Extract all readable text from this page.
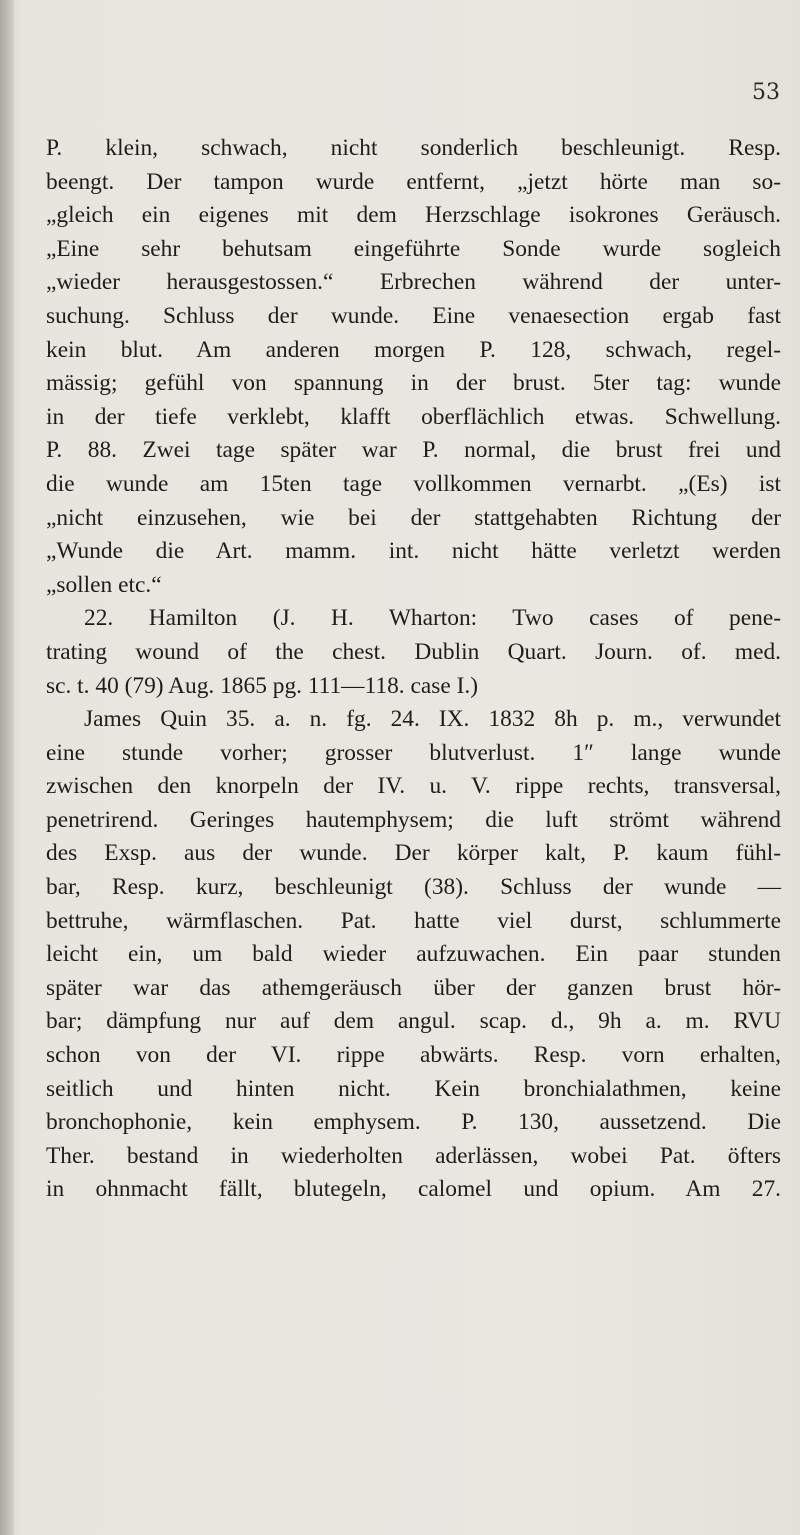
53
P. klein, schwach, nicht sonderlich beschleunigt. Resp.
beengt. Der tampon wurde entfernt, „jetzt hörte man so-
„gleich ein eigenes mit dem Herzschlage isokrones Geräusch.
„Eine sehr behutsam eingeführte Sonde wurde sogleich
„wieder herausgestossen.“ Erbrechen während der unter-
suchung. Schluss der wunde. Eine venaesection ergab fast
kein blut. Am anderen morgen P. 128, schwach, regel-
mässig; gefühl von spannung in der brust. 5ter tag: wunde
in der tiefe verklebt, klafft oberflächlich etwas. Schwellung.
P. 88. Zwei tage später war P. normal, die brust frei und
die wunde am 15ten tage vollkommen vernarbt. „(Es) ist
„nicht einzusehen, wie bei der stattgehabten Richtung der
„Wunde die Art. mamm. int. nicht hätte verletzt werden
„sollen etc.“
22. Hamilton (J. H. Wharton: Two cases of pene-
trating wound of the chest. Dublin Quart. Journ. of. med.
sc. t. 40 (79) Aug. 1865 pg. 111—118. case I.)
James Quin 35. a. n. fg. 24. IX. 1832 8h p. m., verwundet
eine stunde vorher; grosser blutverlust. 1″ lange wunde
zwischen den knorpeln der IV. u. V. rippe rechts, transversal,
penetrirend. Geringes hautemphysem; die luft strömt während
des Exsp. aus der wunde. Der körper kalt, P. kaum fühl-
bar, Resp. kurz, beschleunigt (38). Schluss der wunde —
bettruhe, wärmflaschen. Pat. hatte viel durst, schlummerte
leicht ein, um bald wieder aufzuwachen. Ein paar stunden
später war das athemgeräusch über der ganzen brust hör-
bar; dämpfung nur auf dem angul. scap. d., 9h a. m. RVU
schon von der VI. rippe abwärts. Resp. vorn erhalten,
seitlich und hinten nicht. Kein bronchialathmen, keine
bronchophonie, kein emphysem. P. 130, aussetzend. Die
Ther. bestand in wiederholten aderlässen, wobei Pat. öfters
in ohnmacht fällt, blutegeln, calomel und opium. Am 27.
